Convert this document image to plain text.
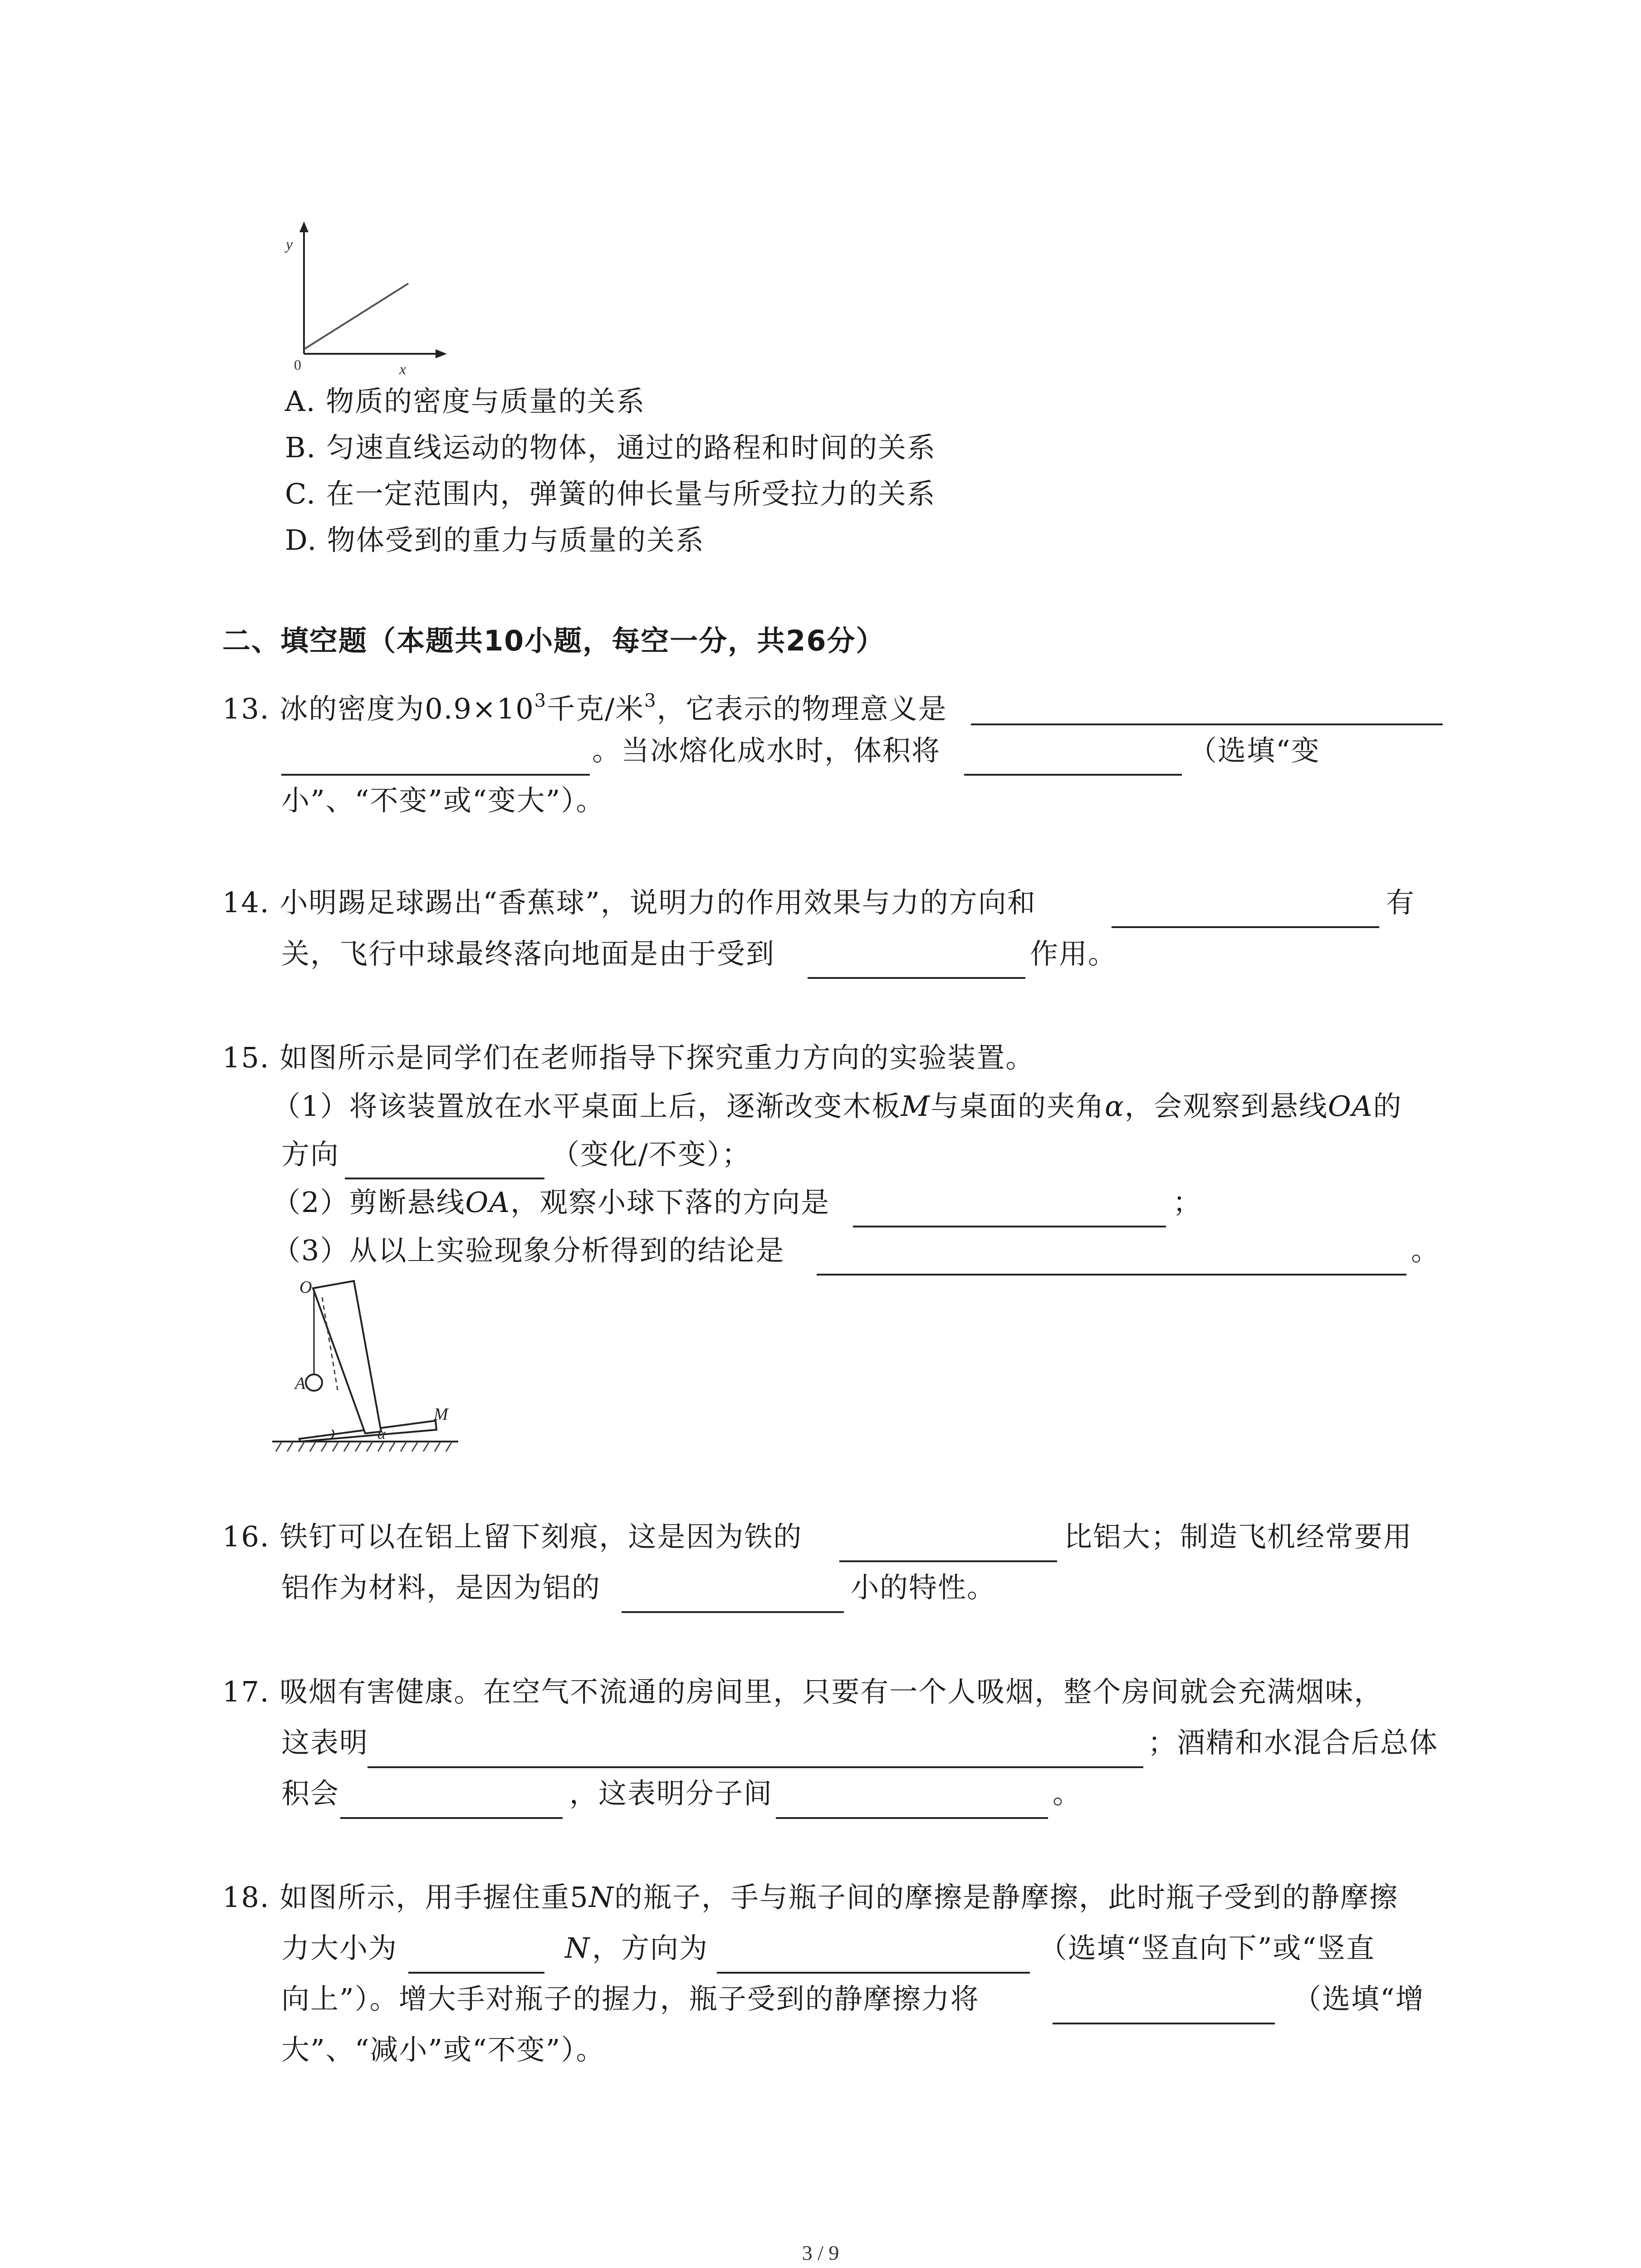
y
x
0
A. 物质的密度与质量的关系
B. 匀速直线运动的物体，通过的路程和时间的关系
C. 在一定范围内，弹簧的伸长量与所受拉力的关系
D. 物体受到的重力与质量的关系
二、填空题（本题共10小题，每空一分，共26分）
13. 冰的密度为$0.9\times 10^3$千克/米$^3$，它表示的物理意义是
。当冰熔化成水时，体积将	（选填“变
小”、“不变”或“变大”）。
14. 小明踢足球踢出“香蕉球”，说明力的作用效果与力的方向和	有
关，飞行中球最终落向地面是由于受到	作用。
15. 如图所示是同学们在老师指导下探究重力方向的实验装置。
（1）将该装置放在水平桌面上后，逐渐改变木板M与桌面的夹角α，会观察到悬线OA的
方向	（变化/不变）；
（2）剪断悬线OA，观察小球下落的方向是	；
（3）从以上实验现象分析得到的结论是	。
O
A
M
α
16. 铁钉可以在铝上留下刻痕，这是因为铁的	比铝大；制造飞机经常要用
铝作为材料，是因为铝的	小的特性。
17. 吸烟有害健康。在空气不流通的房间里，只要有一个人吸烟，整个房间就会充满烟味，
这表明	；酒精和水混合后总体
积会	，这表明分子间	。
18. 如图所示，用手握住重5N的瓶子，手与瓶子间的摩擦是静摩擦，此时瓶子受到的静摩擦
力大小为	N ，方向为	（选填“竖直向下”或“竖直
向上”）。增大手对瓶子的握力，瓶子受到的静摩擦力将	（选填“增
大”、“减小”或“不变”）。
3 / 9
